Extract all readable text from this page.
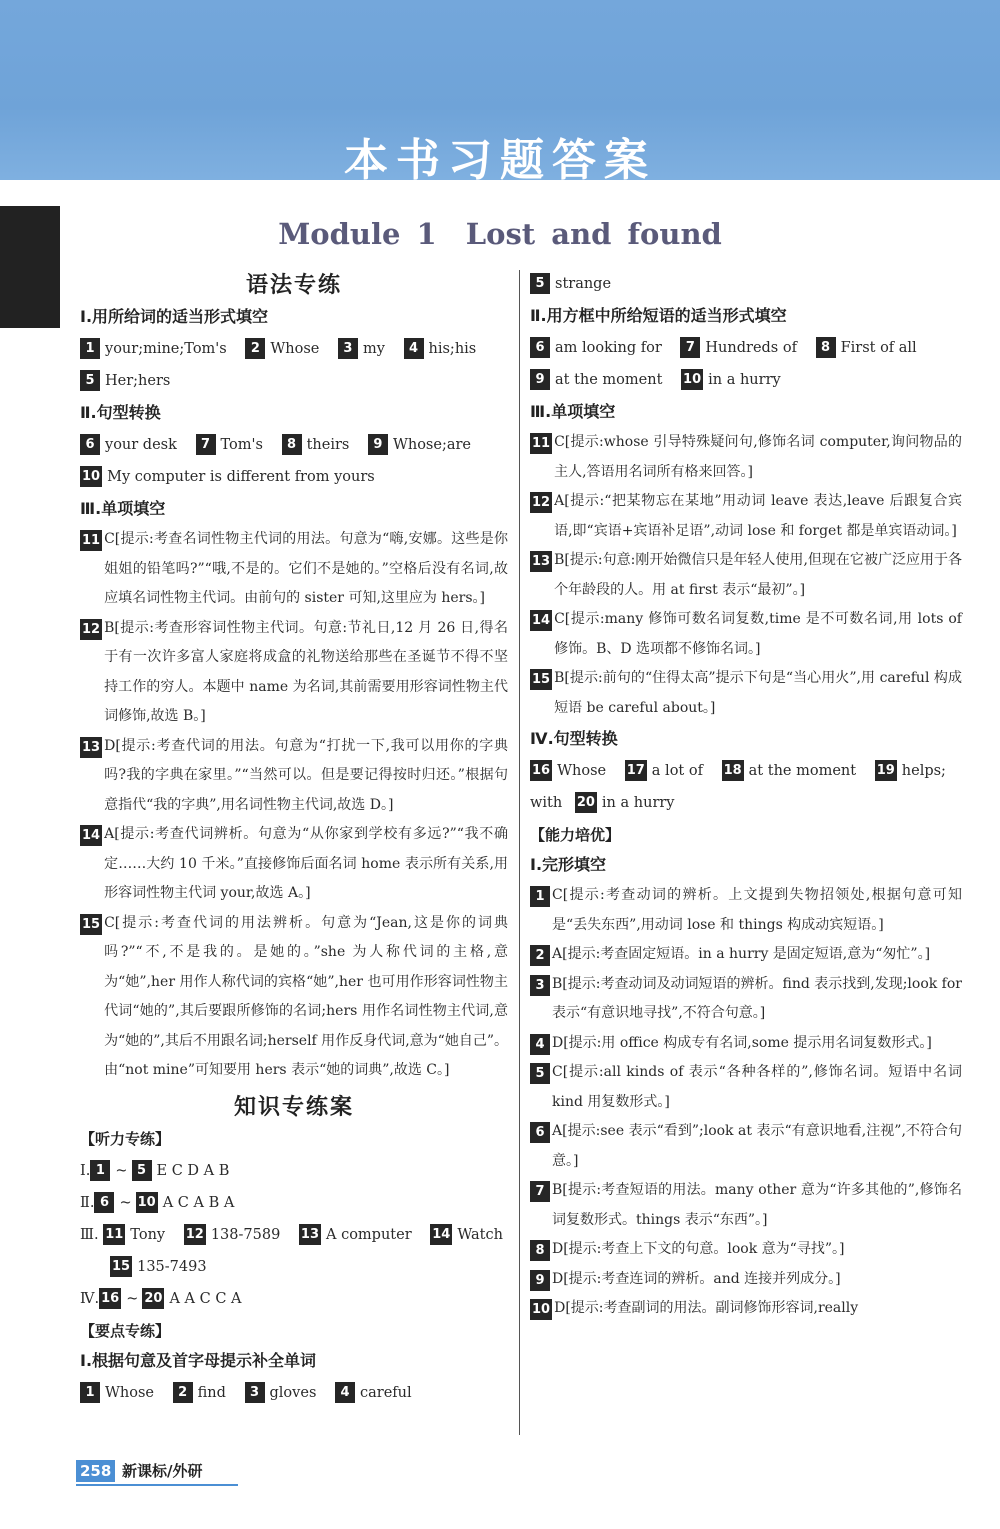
本书习题答案
Module 1　Lost and found
语法专练
Ⅰ.用所给词的适当形式填空
1 your;mine;Tom's 2 Whose 3 my 4 his;his
5 Her;hers
Ⅱ.句型转换
6 your desk 7 Tom's 8 theirs 9 Whose;are
10 My computer is different from yours
Ⅲ.单项填空
11 C[提示:考查名词性物主代词的用法。句意为“嗨,安娜。这些是你姐姐的铅笔吗?”“哦,不是的。它们不是她的。”空格后没有名词,故应填名词性物主代词。由前句的 sister 可知,这里应为 hers。]
12 B[提示:考查形容词性物主代词。句意:节礼日,12 月 26 日,得名于有一次许多富人家庭将成盒的礼物送给那些在圣诞节不得不坚持工作的穷人。本题中 name 为名词,其前需要用形容词性物主代词修饰,故选 B。]
13 D[提示:考查代词的用法。句意为“打扰一下,我可以用你的字典吗?我的字典在家里。”“当然可以。但是要记得按时归还。”根据句意指代“我的字典”,用名词性物主代词,故选 D。]
14 A[提示:考查代词辨析。句意为“从你家到学校有多远?”“我不确定……大约 10 千米。”直接修饰后面名词 home 表示所有关系,用形容词性物主代词 your,故选 A。]
15 C[提示:考查代词的用法辨析。句意为“Jean,这是你的词典吗?”“不,不是我的。是她的。”she 为人称代词的主格,意为“她”,her 用作人称代词的宾格“她”,her 也可用作形容词性物主代词“她的”,其后要跟所修饰的名词;hers 用作名词性物主代词,意为“她的”,其后不用跟名词;herself 用作反身代词,意为“她自己”。由“not mine”可知要用 hers 表示“她的词典”,故选 C。]
知识专练案
【听力专练】
Ⅰ. 1 ~ 5 E C D A B
Ⅱ. 6 ~ 10 A C A B A
Ⅲ. 11 Tony 12 138-7589 13 A computer 14 Watch
15 135-7493
Ⅳ. 16 ~ 20 A A C C A
【要点专练】
Ⅰ.根据句意及首字母提示补全单词
1 Whose 2 find 3 gloves 4 careful
5 strange
Ⅱ.用方框中所给短语的适当形式填空
6 am looking for 7 Hundreds of 8 First of all
9 at the moment 10 in a hurry
Ⅲ.单项填空
11 C[提示:whose 引导特殊疑问句,修饰名词 computer,询问物品的主人,答语用名词所有格来回答。]
12 A[提示:“把某物忘在某地”用动词 leave 表达,leave 后跟复合宾语,即“宾语+宾语补足语”,动词 lose 和 forget 都是单宾语动词。]
13 B[提示:句意:刚开始微信只是年轻人使用,但现在它被广泛应用于各个年龄段的人。用 at first 表示“最初”。]
14 C[提示:many 修饰可数名词复数,time 是不可数名词,用 lots of 修饰。B、D 选项都不修饰名词。]
15 B[提示:前句的“住得太高”提示下句是“当心用火”,用 careful 构成短语 be careful about。]
Ⅳ.句型转换
16 Whose 17 a lot of 18 at the moment 19 helps;
with 20 in a hurry
【能力培优】
Ⅰ.完形填空
1 C[提示:考查动词的辨析。上文提到失物招领处,根据句意可知是“丢失东西”,用动词 lose 和 things 构成动宾短语。]
2 A[提示:考查固定短语。in a hurry 是固定短语,意为“匆忙”。]
3 B[提示:考查动词及动词短语的辨析。find 表示找到,发现;look for 表示“有意识地寻找”,不符合句意。]
4 D[提示:用 office 构成专有名词,some 提示用名词复数形式。]
5 C[提示:all kinds of 表示“各种各样的”,修饰名词。短语中名词 kind 用复数形式。]
6 A[提示:see 表示“看到”;look at 表示“有意识地看,注视”,不符合句意。]
7 B[提示:考查短语的用法。many other 意为“许多其他的”,修饰名词复数形式。things 表示“东西”。]
8 D[提示:考查上下文的句意。look 意为“寻找”。]
9 D[提示:考查连词的辨析。and 连接并列成分。]
10 D[提示:考查副词的用法。副词修饰形容词,really
258 新课标/外研
